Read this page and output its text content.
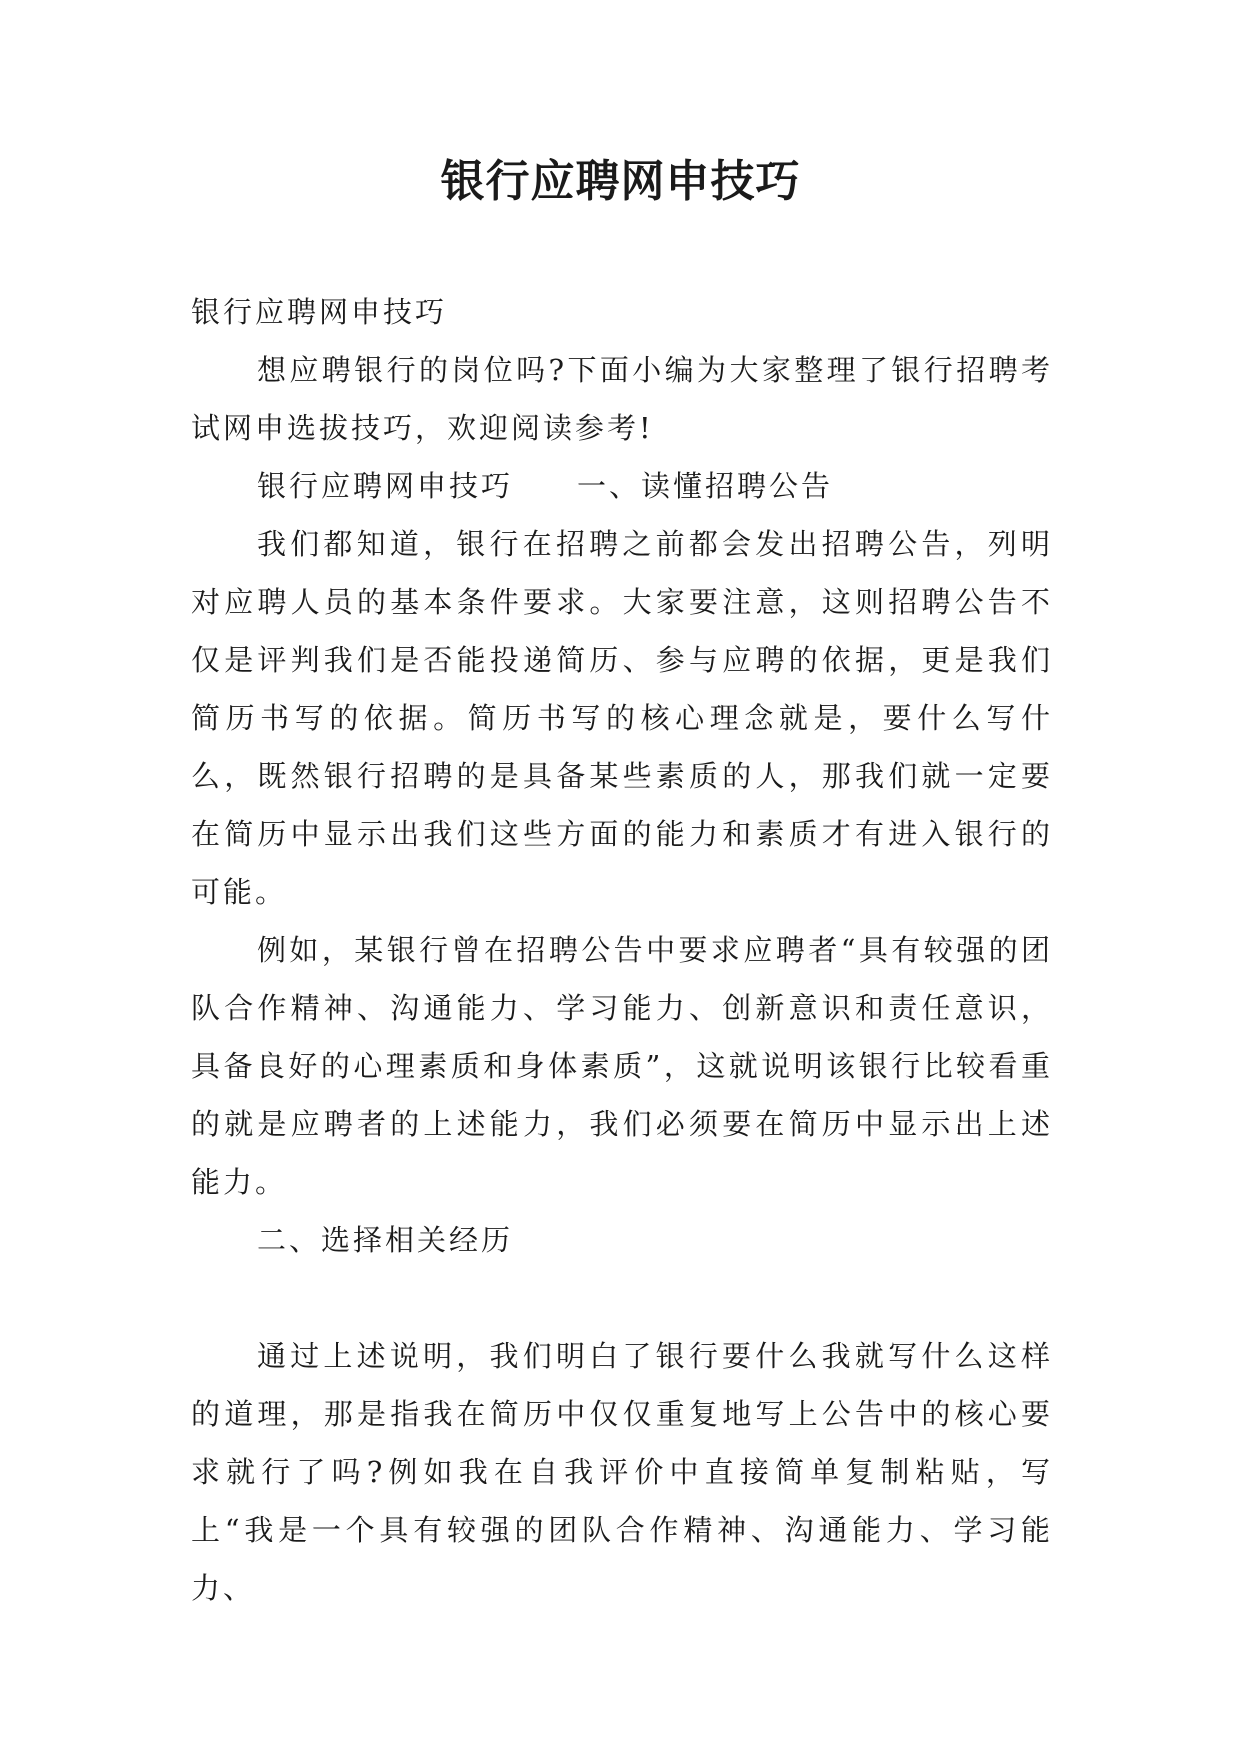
银行应聘网申技巧

银行应聘网申技巧

想应聘银行的岗位吗?下面小编为大家整理了银行招聘考试网申选拔技巧，欢迎阅读参考!

银行应聘网申技巧 一、读懂招聘公告

我们都知道，银行在招聘之前都会发出招聘公告，列明对应聘人员的基本条件要求。大家要注意，这则招聘公告不仅是评判我们是否能投递简历、参与应聘的依据，更是我们简历书写的依据。简历书写的核心理念就是，要什么写什么，既然银行招聘的是具备某些素质的人，那我们就一定要在简历中显示出我们这些方面的能力和素质才有进入银行的可能。

例如，某银行曾在招聘公告中要求应聘者“具有较强的团队合作精神、沟通能力、学习能力、创新意识和责任意识，具备良好的心理素质和身体素质”，这就说明该银行比较看重的就是应聘者的上述能力，我们必须要在简历中显示出上述能力。

二、选择相关经历

通过上述说明，我们明白了银行要什么我就写什么这样的道理，那是指我在简历中仅仅重复地写上公告中的核心要求就行了吗?例如我在自我评价中直接简单复制粘贴，写上“我是一个具有较强的团队合作精神、沟通能力、学习能力、
